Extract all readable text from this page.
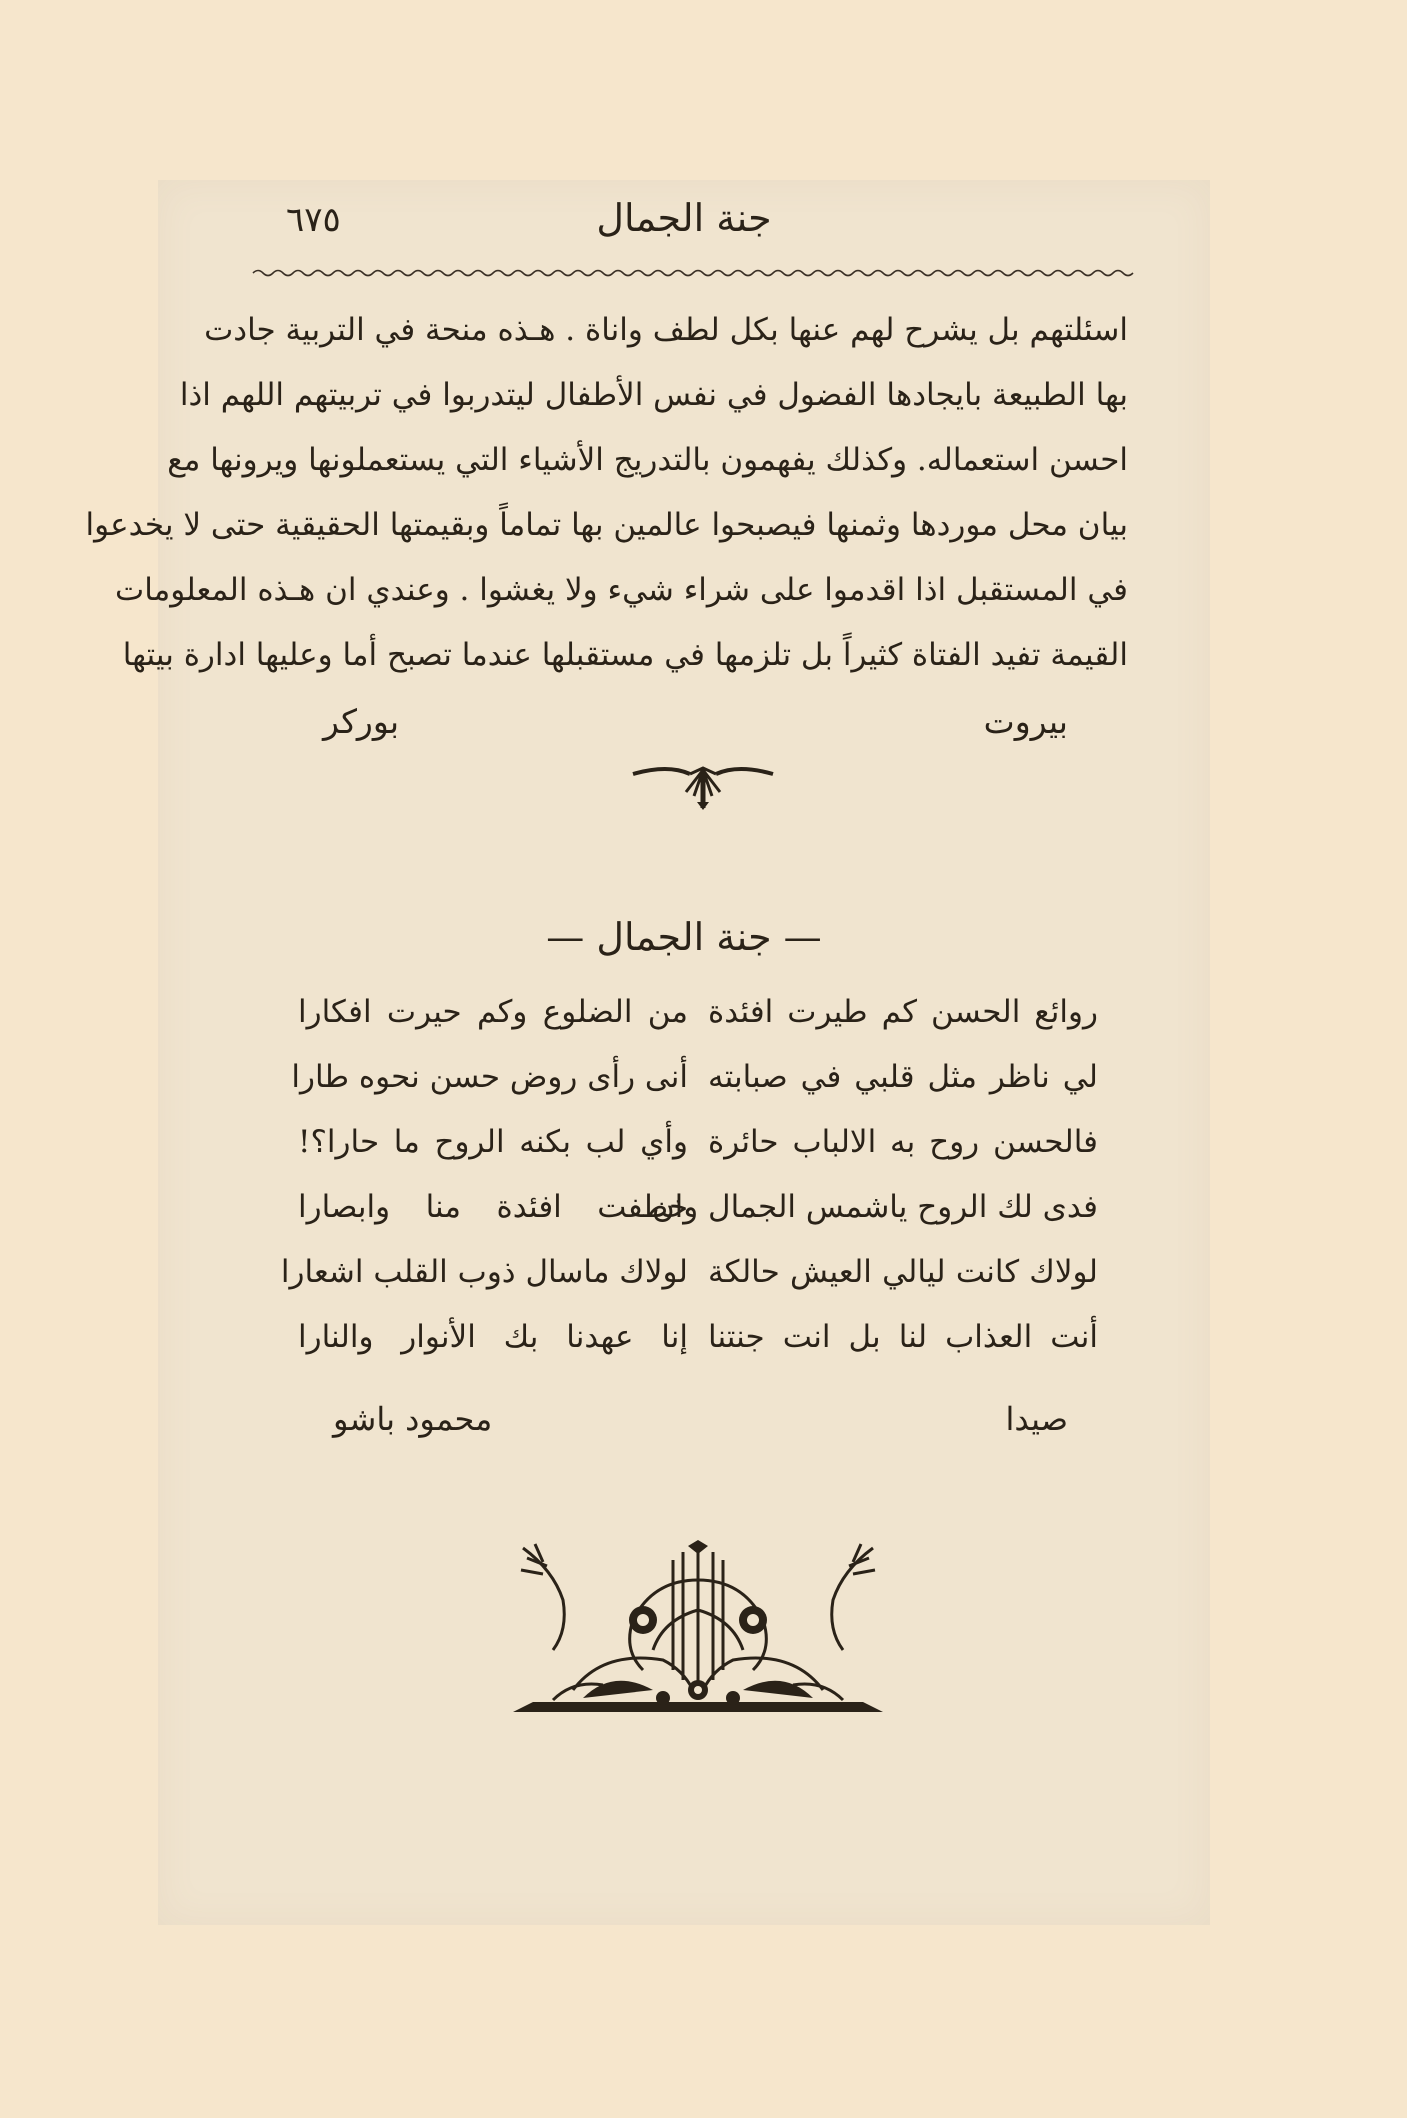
٦٧٥	جنة الجمال
اسئلتهم بل يشرح لهم عنها بكل لطف واناة . هـذه منحة في التربية جادت
بها الطبيعة بايجادها الفضول في نفس الأطفال ليتدربوا في تربيتهم اللهم اذا
احسن استعماله. وكذلك يفهمون بالتدريج الأشياء التي يستعملونها ويرونها مع
بيان محل موردها وثمنها فيصبحوا عالمين بها تماماً وبقيمتها الحقيقية حتى لا يخدعوا
في المستقبل اذا اقدموا على شراء شيء ولا يغشوا . وعندي ان هـذه المعلومات
القيمة تفيد الفتاة كثيراً بل تلزمها في مستقبلها عندما تصبح أما وعليها ادارة بيتها
بيروت
بوركر
— جنة الجمال —
روائع الحسن كم طيرت افئدة
من الضلوع وكم حيرت افكارا
لي ناظر مثل قلبي في صبابته
أنى رأى روض حسن نحوه طارا
فالحسن روح به الالباب حائرة
وأي لب بكنه الروح ما حارا؟!
فدى لك الروح ياشمس الجمال وان
خطفت افئدة منا وابصارا
لولاك كانت ليالي العيش حالكة
لولاك ماسال ذوب القلب اشعارا
أنت العذاب لنا بل انت جنتنا
إنا عهدنا بك الأنوار والنارا
صيدا
محمود باشو
